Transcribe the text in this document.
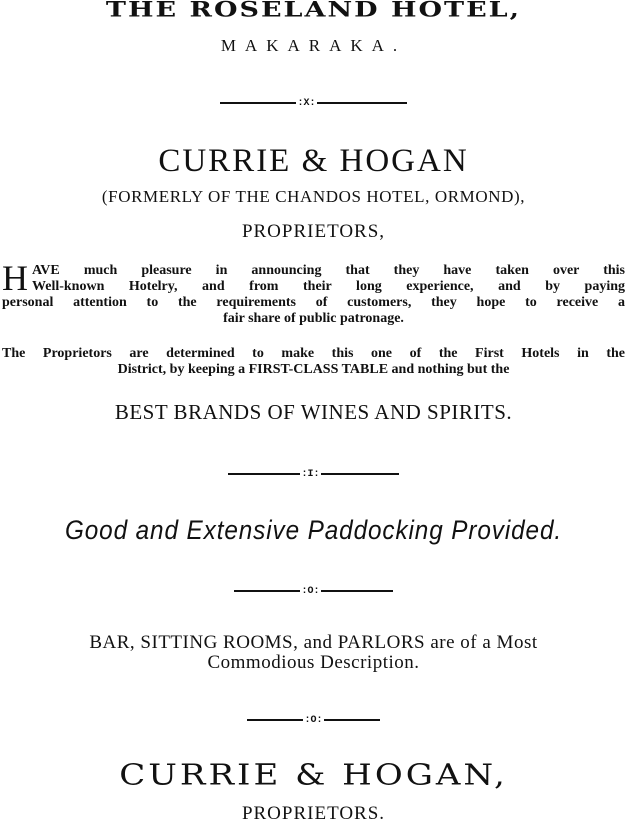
THE ROSELAND HOTEL,
MAKARAKA.
:X:
CURRIE & HOGAN
(FORMERLY OF THE CHANDOS HOTEL, ORMOND),
PROPRIETORS,
H AVE much pleasure in announcing that they have taken over this
Well-known Hotelry, and from their long experience, and by paying
personal attention to the requirements of customers, they hope to receive a
fair share of public patronage.
The Proprietors are determined to make this one of the First Hotels in the
District, by keeping a FIRST-CLASS TABLE and nothing but the
BEST BRANDS OF WINES AND SPIRITS.
:I:
Good and Extensive Paddocking Provided.
:O:
BAR, SITTING ROOMS, and PARLORS are of a Most
Commodious Description.
:O:
CURRIE & HOGAN,
PROPRIETORS.
